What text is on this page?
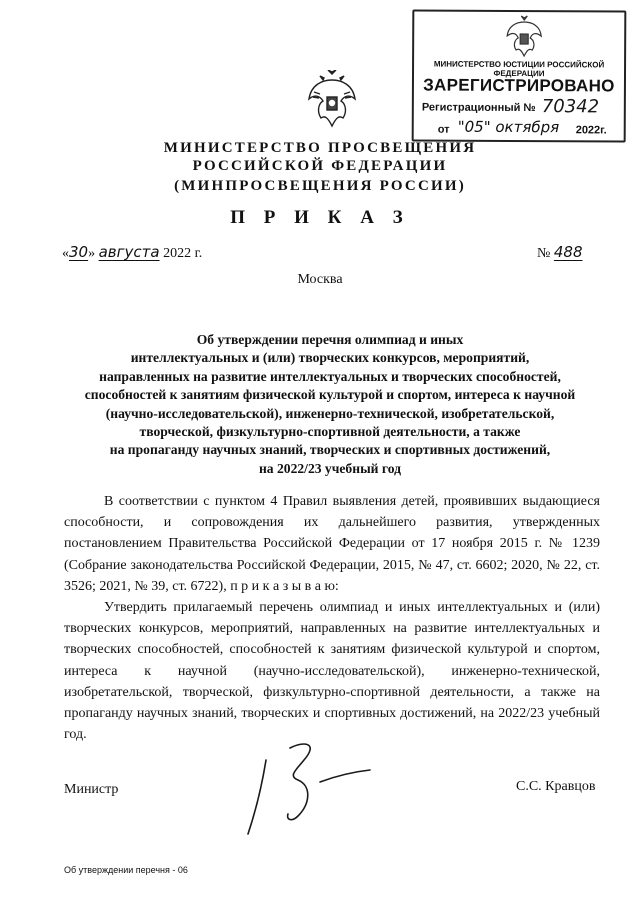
МИНИСТЕРСТВО ЮСТИЦИИ РОССИЙСКОЙ ФЕДЕРАЦИИ
ЗАРЕГИСТРИРОВАНО
Регистрационный № 70342
от "05" октября 2022г.
МИНИСТЕРСТВО ПРОСВЕЩЕНИЯ
РОССИЙСКОЙ ФЕДЕРАЦИИ
(МИНПРОСВЕЩЕНИЯ РОССИИ)
П Р И К А З
«30» августа 2022 г.	№ 488
Москва
Об утверждении перечня олимпиад и иных
интеллектуальных и (или) творческих конкурсов, мероприятий,
направленных на развитие интеллектуальных и творческих способностей,
способностей к занятиям физической культурой и спортом, интереса к научной
(научно-исследовательской), инженерно-технической, изобретательской,
творческой, физкультурно-спортивной деятельности, а также
на пропаганду научных знаний, творческих и спортивных достижений,
на 2022/23 учебный год

В соответствии с пунктом 4 Правил выявления детей, проявивших выдающиеся способности, и сопровождения их дальнейшего развития, утвержденных постановлением Правительства Российской Федерации от 17 ноября 2015 г. № 1239 (Собрание законодательства Российской Федерации, 2015, № 47, ст. 6602; 2020, № 22, ст. 3526; 2021, № 39, ст. 6722), п р и к а з ы в а ю:

Утвердить прилагаемый перечень олимпиад и иных интеллектуальных и (или) творческих конкурсов, мероприятий, направленных на развитие интеллектуальных и творческих способностей, способностей к занятиям физической культурой и спортом, интереса к научной (научно-исследовательской), инженерно-технической, изобретательской, творческой, физкультурно-спортивной деятельности, а также на пропаганду научных знаний, творческих и спортивных достижений, на 2022/23 учебный год.

Министр	С.С. Кравцов
Об утверждении перечня - 06
